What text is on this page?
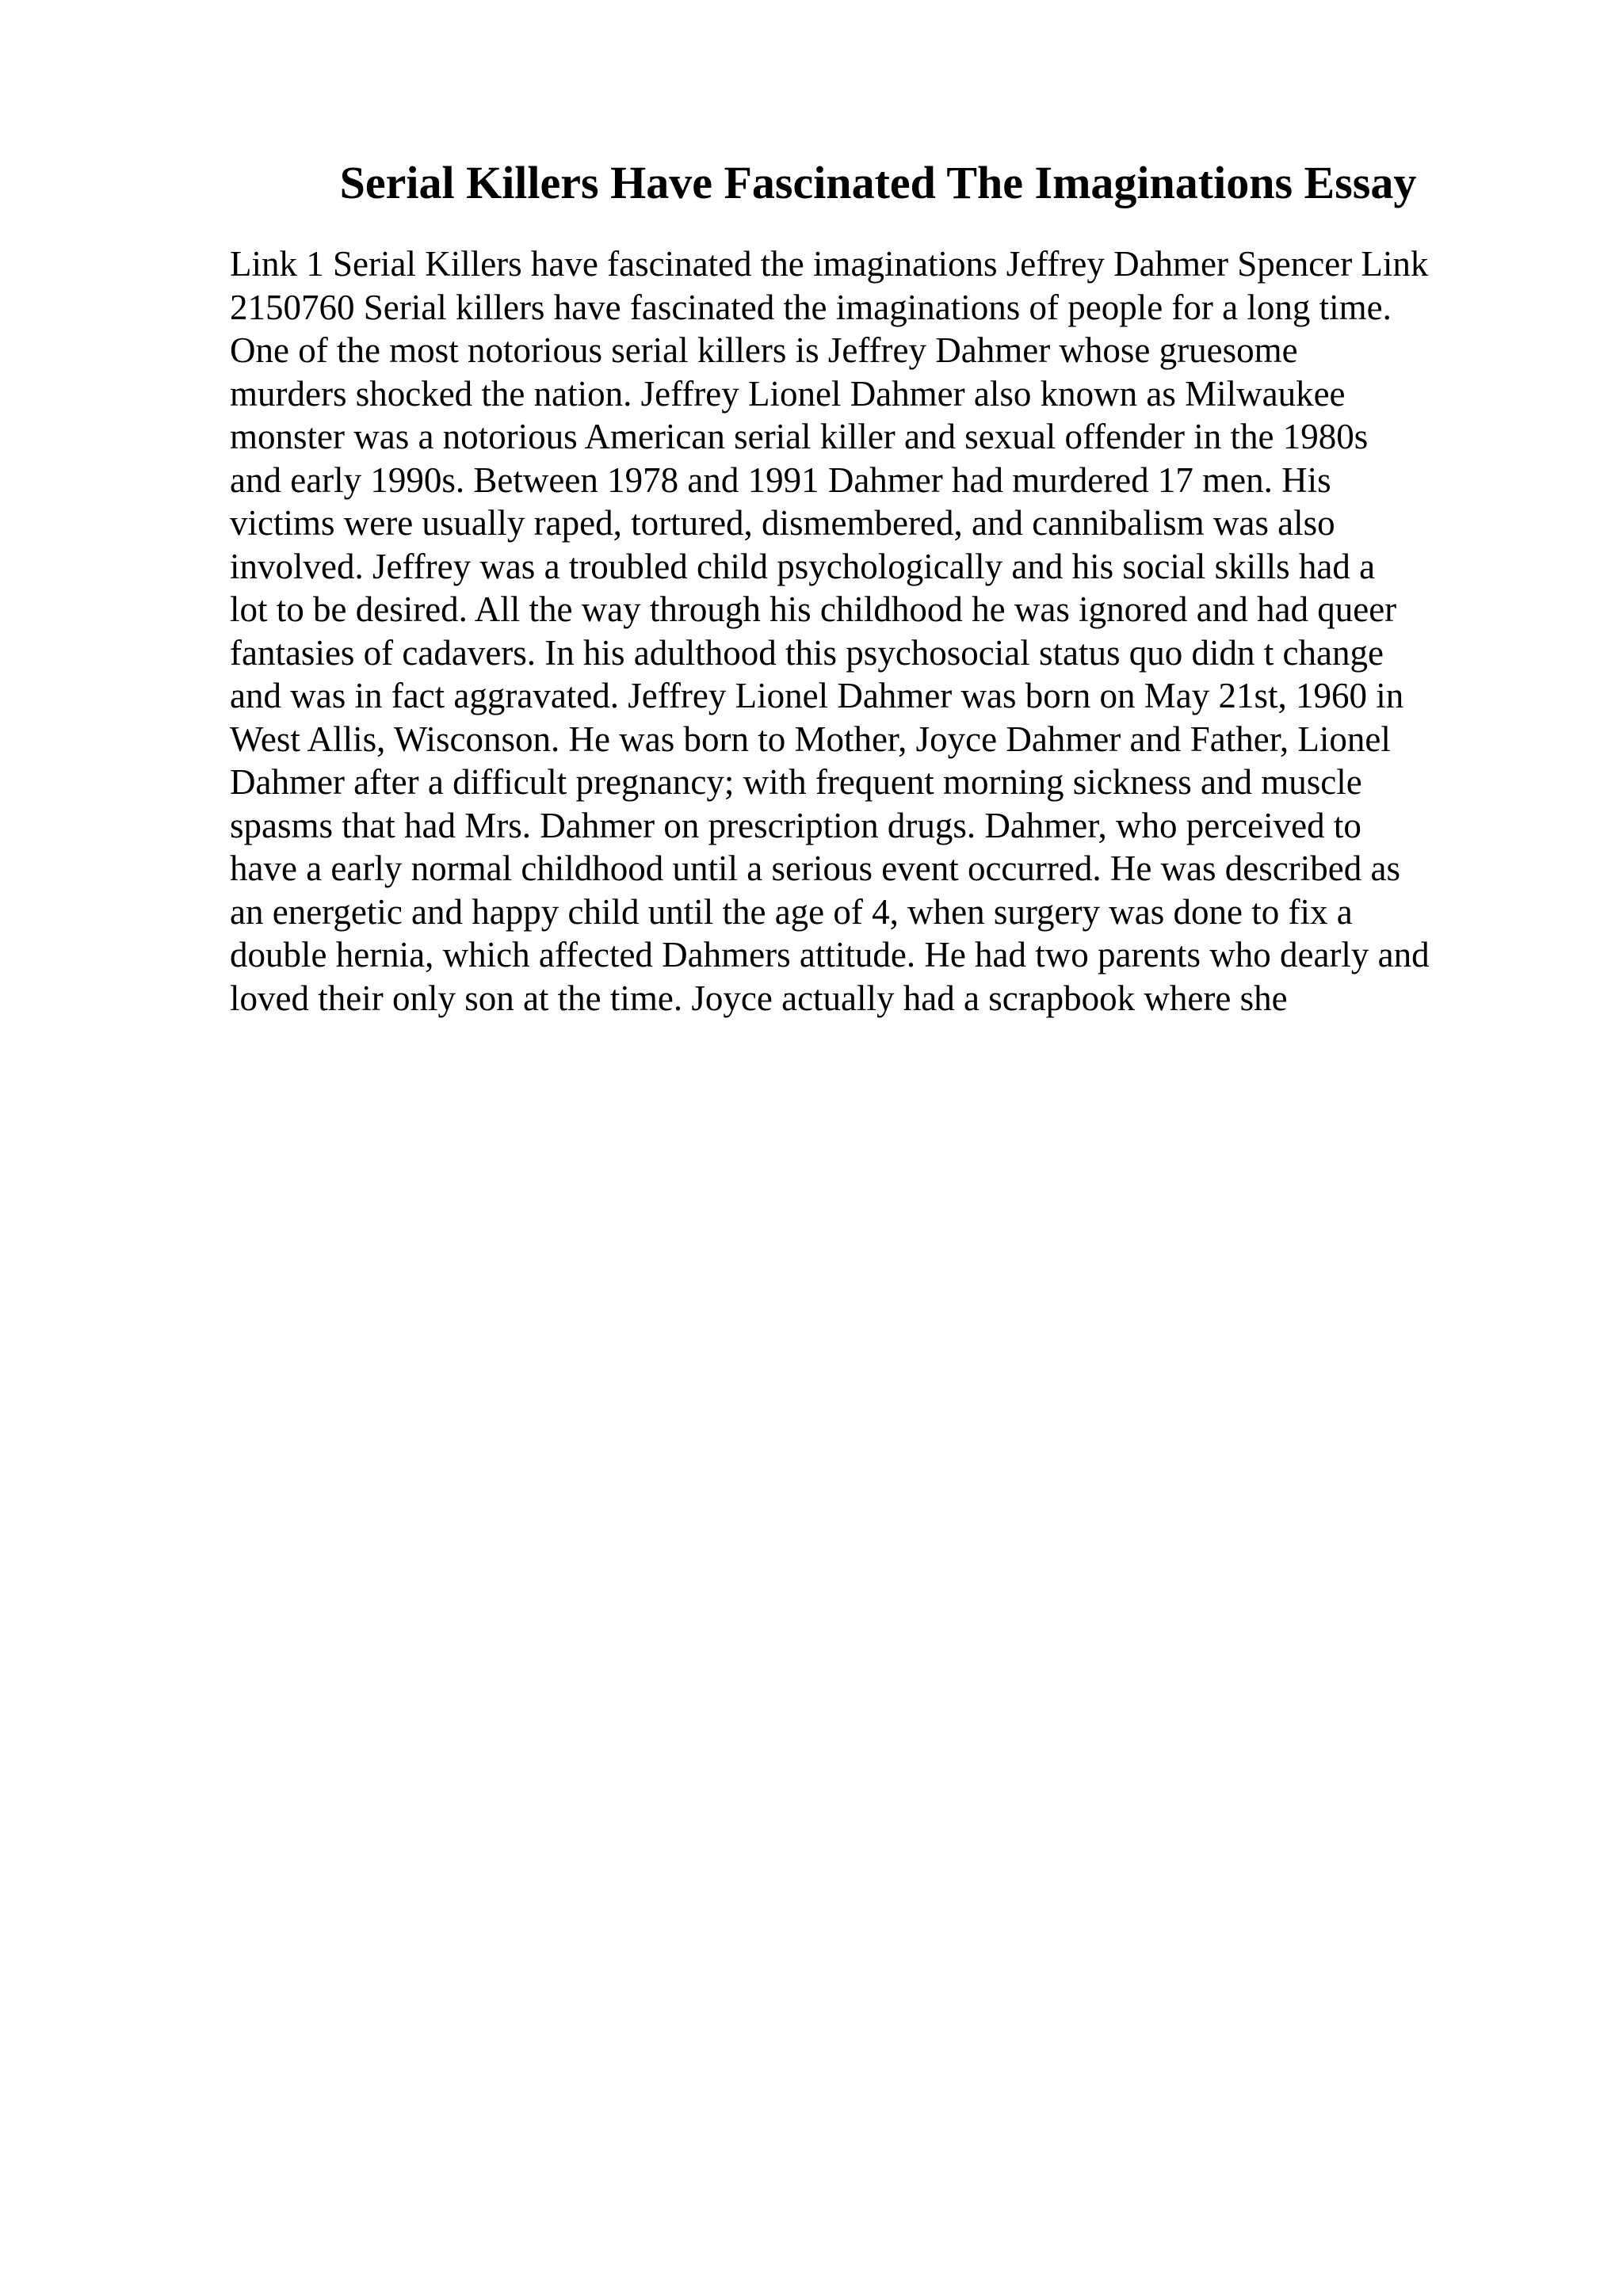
Serial Killers Have Fascinated The Imaginations Essay
Link 1 Serial Killers have fascinated the imaginations Jeffrey Dahmer Spencer Link
2150760 Serial killers have fascinated the imaginations of people for a long time.
One of the most notorious serial killers is Jeffrey Dahmer whose gruesome
murders shocked the nation. Jeffrey Lionel Dahmer also known as Milwaukee
monster was a notorious American serial killer and sexual offender in the 1980s
and early 1990s. Between 1978 and 1991 Dahmer had murdered 17 men. His
victims were usually raped, tortured, dismembered, and cannibalism was also
involved. Jeffrey was a troubled child psychologically and his social skills had a
lot to be desired. All the way through his childhood he was ignored and had queer
fantasies of cadavers. In his adulthood this psychosocial status quo didn t change
and was in fact aggravated. Jeffrey Lionel Dahmer was born on May 21st, 1960 in
West Allis, Wisconson. He was born to Mother, Joyce Dahmer and Father, Lionel
Dahmer after a difficult pregnancy; with frequent morning sickness and muscle
spasms that had Mrs. Dahmer on prescription drugs. Dahmer, who perceived to
have a early normal childhood until a serious event occurred. He was described as
an energetic and happy child until the age of 4, when surgery was done to fix a
double hernia, which affected Dahmers attitude. He had two parents who dearly and
loved their only son at the time. Joyce actually had a scrapbook where she
